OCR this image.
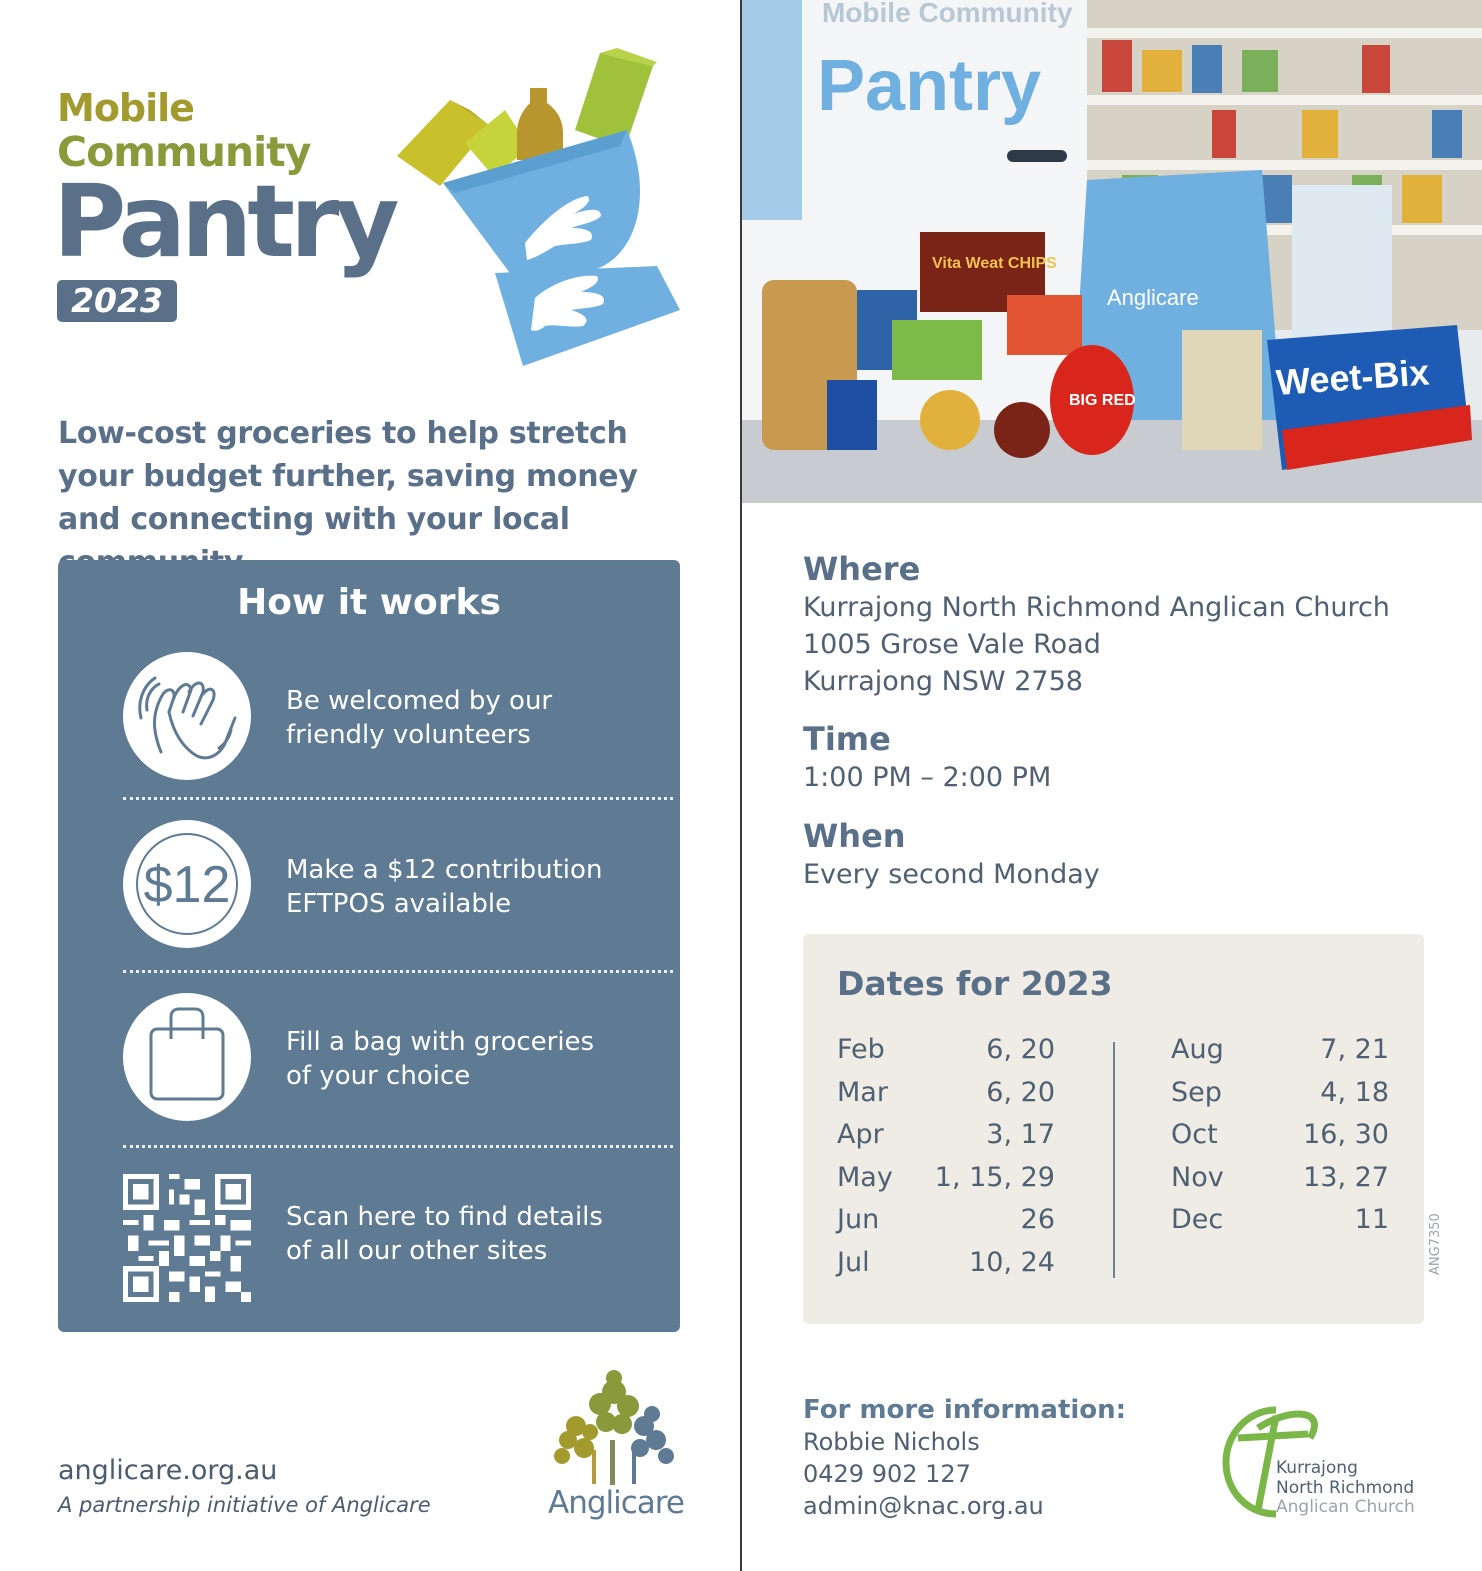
Mobile
Community
Pantry
2023
Low-cost groceries to help stretch your budget further, saving money and connecting with your local
How it works
Be welcomed by our
friendly volunteers
$12 Make a $12 contribution
EFTPOS available
Fill a bag with groceries
of your choice
Scan here to find details
of all our other sites
anglicare.org.au
A partnership initiative of Anglicare	Anglicare
Mobile Community
Pantry
Anglicare
Vita Weat CHIPS
BIG RED	Weet-Bix
Where
Kurrajong North Richmond Anglican Church
1005 Grose Vale Road
Kurrajong NSW 2758
Time
1:00 PM – 2:00 PM
When
Every second Monday
Dates for 2023
Feb	6, 20
Mar	6, 20
Apr	3, 17
May 1, 15, 29
Jun	26
Jul	10, 24
Aug	7, 21
Sep	4, 18
Oct	16, 30
Nov	13, 27
Dec	11	ANG7350
For more information:
Robbie Nichols
0429 902 127
admin@knac.org.au
Kurrajong
North Richmond
Anglican Church
